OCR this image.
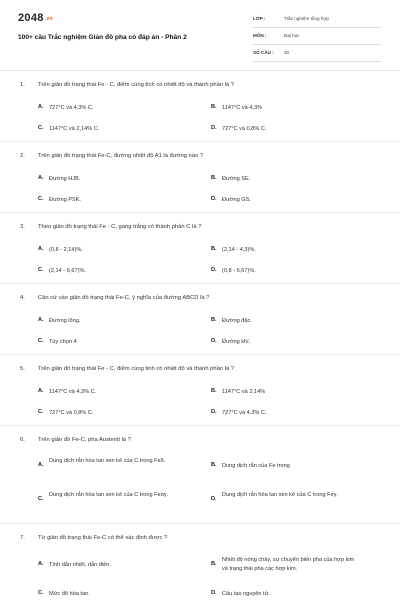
2048.vn
100+ câu Trắc nghiệm Giản đồ pha có đáp án - Phần 2
LỚP :	Trắc nghiệm tổng hợp
MÔN :	Đại học
SỐ CÂU : 30
1. Trên giản đồ trạng thái Fe - C, điểm cùng tích có nhiệt độ và thành phần là ?
A. 727°C và 4,3% C.	B. 1147°C và 4,3%
C. 1147°C và 2,14% C.	D. 727°C và 0,8% C.
2. Trên giản đồ trạng thái Fe-C, đường nhiệt độ A1 là đường nào ?
A. Đường HJB.	B. Đường SE.
C. Đường PSK.	D. Đường GS.
3. Theo giản đồ trạng thái Fe - C, gang trắng có thành phần C là ?
A. (0,8 - 2,14)%.	B. (2,14 - 4,3)%.
C. (2,14 - 6,67)%.	D. (0,8 - 6,67)%.
4. Căn cứ vào giản đồ trạng thái Fe-C, ý nghĩa của đường ABCD là ?
A. Đường lỏng.	B. Đường đặc.
C. Tùy chọn 4	D. Đường khí.
5. Trên giản đồ trạng thái Fe - C, điểm cùng tinh có nhiệt độ và thành phần là ?
A. 1147°C và 4,3% C.	B. 1147°C và 2,14%
C. 727°C và 0,8% C.	D. 727°C và 4,3% C.
6. Trên giản đồ Fe-C, pha Austenit là ?
A.
Dung dịch rắn hòa tan xen kẽ của C trong Feδ.
B. Dung dịch rắn của Fe trong
C.
Dung dịch rắn hòa tan xen kẽ của C trong Feαγ.
D.
Dung dịch rắn hòa tan xen kẽ của C trong Feγ.
7. Từ giản đồ trạng thái Fe-C có thể xác định được ?
A. Tính dẫn nhiệt, dẫn điện.	B.
Nhiệt độ nóng chảy, sự chuyển biến pha của hợp kim và trạng thái pha các hợp kim.
C. Mức độ hòa tan.	D. Cấu tạo nguyên tử.
